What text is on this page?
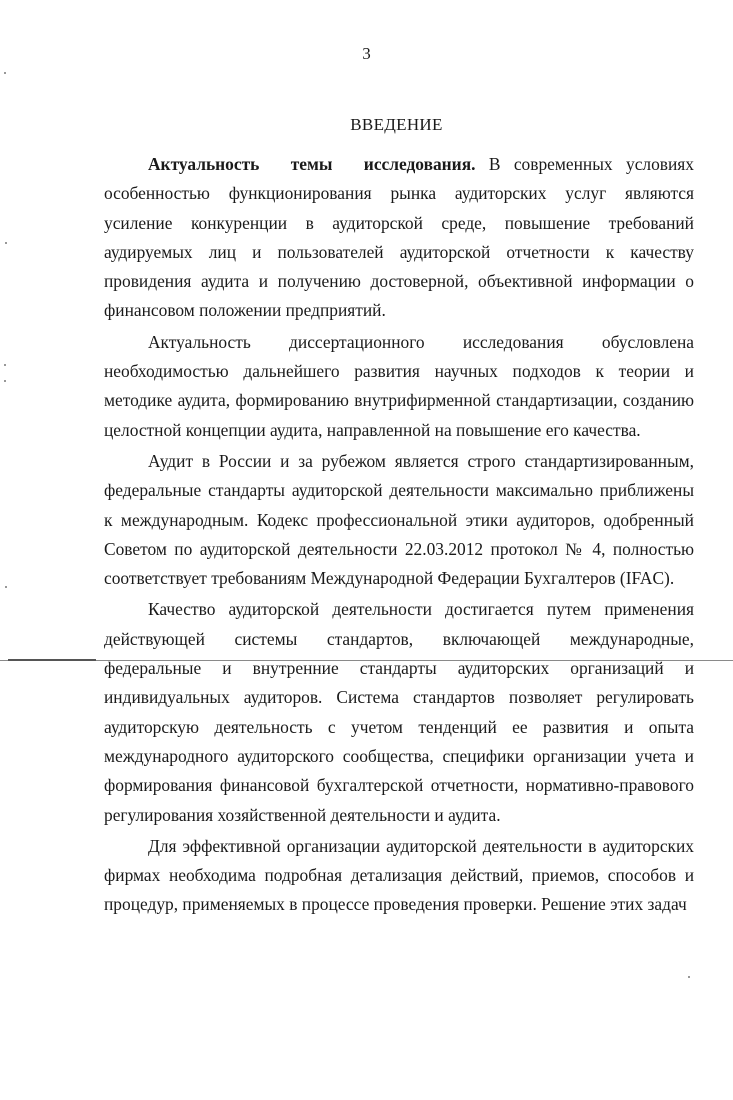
3
ВВЕДЕНИЕ

Актуальность темы исследования. В современных условиях особенностью функционирования рынка аудиторских услуг являются усиление конкуренции в аудиторской среде, повышение требований аудируемых лиц и пользователей аудиторской отчетности к качеству провидения аудита и получению достоверной, объективной информации о финансовом положении предприятий.

Актуальность диссертационного исследования обусловлена необходимостью дальнейшего развития научных подходов к теории и методике аудита, формированию внутрифирменной стандартизации, созданию целостной концепции аудита, направленной на повышение его качества.

Аудит в России и за рубежом является строго стандартизированным, федеральные стандарты аудиторской деятельности максимально приближены к международным. Кодекс профессиональной этики аудиторов, одобренный Советом по аудиторской деятельности 22.03.2012 протокол № 4, полностью соответствует требованиям Международной Федерации Бухгалтеров (IFAC).

Качество аудиторской деятельности достигается путем применения действующей системы стандартов, включающей международные, федеральные и внутренние стандарты аудиторских организаций и индивидуальных аудиторов. Система стандартов позволяет регулировать аудиторскую деятельность с учетом тенденций ее развития и опыта международного аудиторского сообщества, специфики организации учета и формирования финансовой бухгалтерской отчетности, нормативно-правового регулирования хозяйственной деятельности и аудита.

Для эффективной организации аудиторской деятельности в аудиторских фирмах необходима подробная детализация действий, приемов, способов и процедур, применяемых в процессе проведения проверки. Решение этих задач
